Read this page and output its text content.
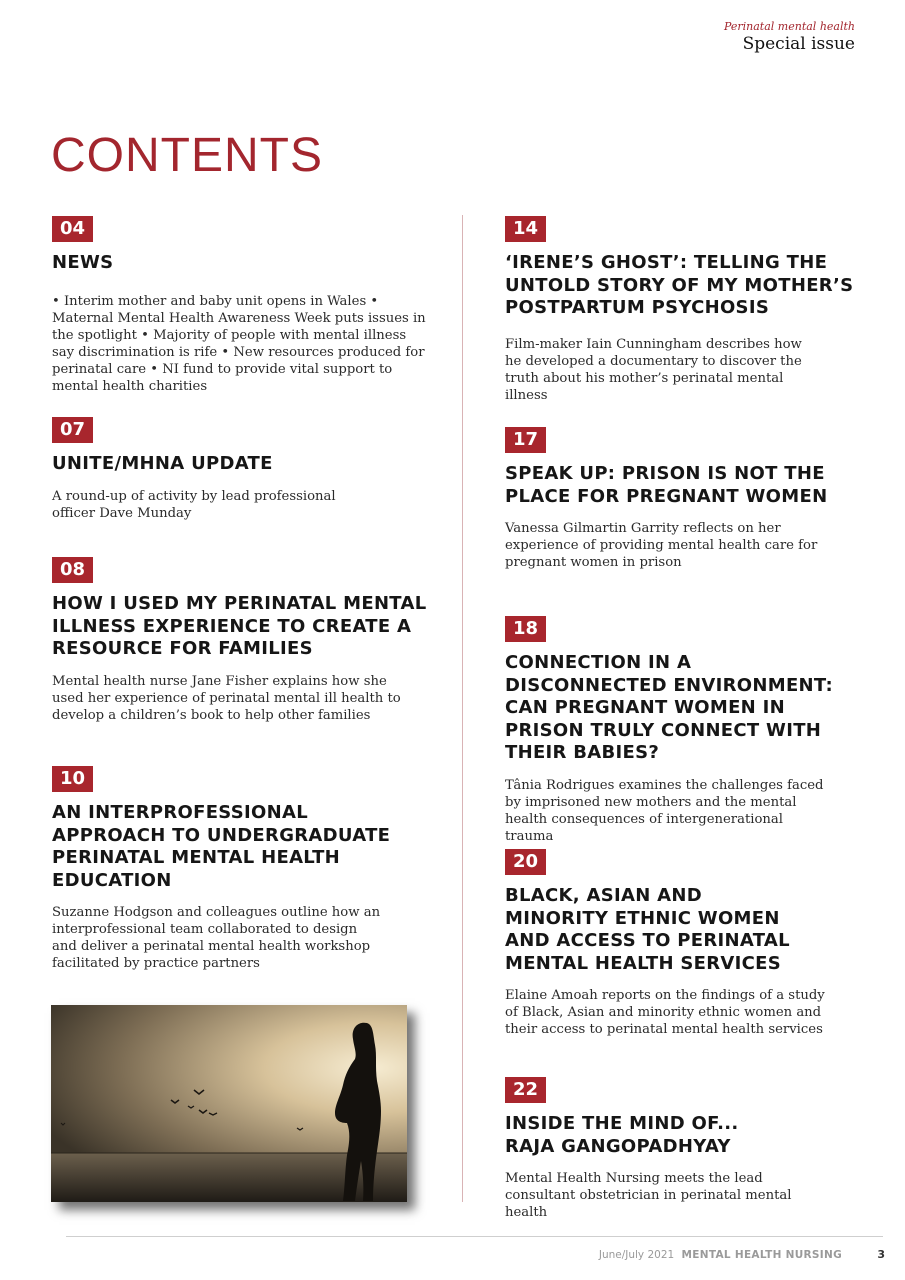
Perinatal mental health
Special issue
CONTENTS
04
NEWS
• Interim mother and baby unit opens in Wales • Maternal Mental Health Awareness Week puts issues in the spotlight • Majority of people with mental illness say discrimination is rife • New resources produced for perinatal care • NI fund to provide vital support to mental health charities
07
UNITE/MHNA UPDATE
A round-up of activity by lead professional officer Dave Munday
08
HOW I USED MY PERINATAL MENTAL ILLNESS EXPERIENCE TO CREATE A RESOURCE FOR FAMILIES
Mental health nurse Jane Fisher explains how she used her experience of perinatal mental ill health to develop a children’s book to help other families
10
AN INTERPROFESSIONAL APPROACH TO UNDERGRADUATE PERINATAL MENTAL HEALTH EDUCATION
Suzanne Hodgson and colleagues outline how an interprofessional team collaborated to design and deliver a perinatal mental health workshop facilitated by practice partners
14
‘IRENE’S GHOST’: TELLING THE UNTOLD STORY OF MY MOTHER’S POSTPARTUM PSYCHOSIS
Film-maker Iain Cunningham describes how he developed a documentary to discover the truth about his mother’s perinatal mental illness
17
SPEAK UP: PRISON IS NOT THE PLACE FOR PREGNANT WOMEN
Vanessa Gilmartin Garrity reflects on her experience of providing mental health care for pregnant women in prison
18
CONNECTION IN A DISCONNECTED ENVIRONMENT: CAN PREGNANT WOMEN IN PRISON TRULY CONNECT WITH THEIR BABIES?
Tânia Rodrigues examines the challenges faced by imprisoned new mothers and the mental health consequences of intergenerational trauma
20
BLACK, ASIAN AND MINORITY ETHNIC WOMEN AND ACCESS TO PERINATAL MENTAL HEALTH SERVICES
Elaine Amoah reports on the findings of a study of Black, Asian and minority ethnic women and their access to perinatal mental health services
22
INSIDE THE MIND OF... RAJA GANGOPADHYAY
Mental Health Nursing meets the lead consultant obstetrician in perinatal mental health
June/July 2021 MENTAL HEALTH NURSING	3
